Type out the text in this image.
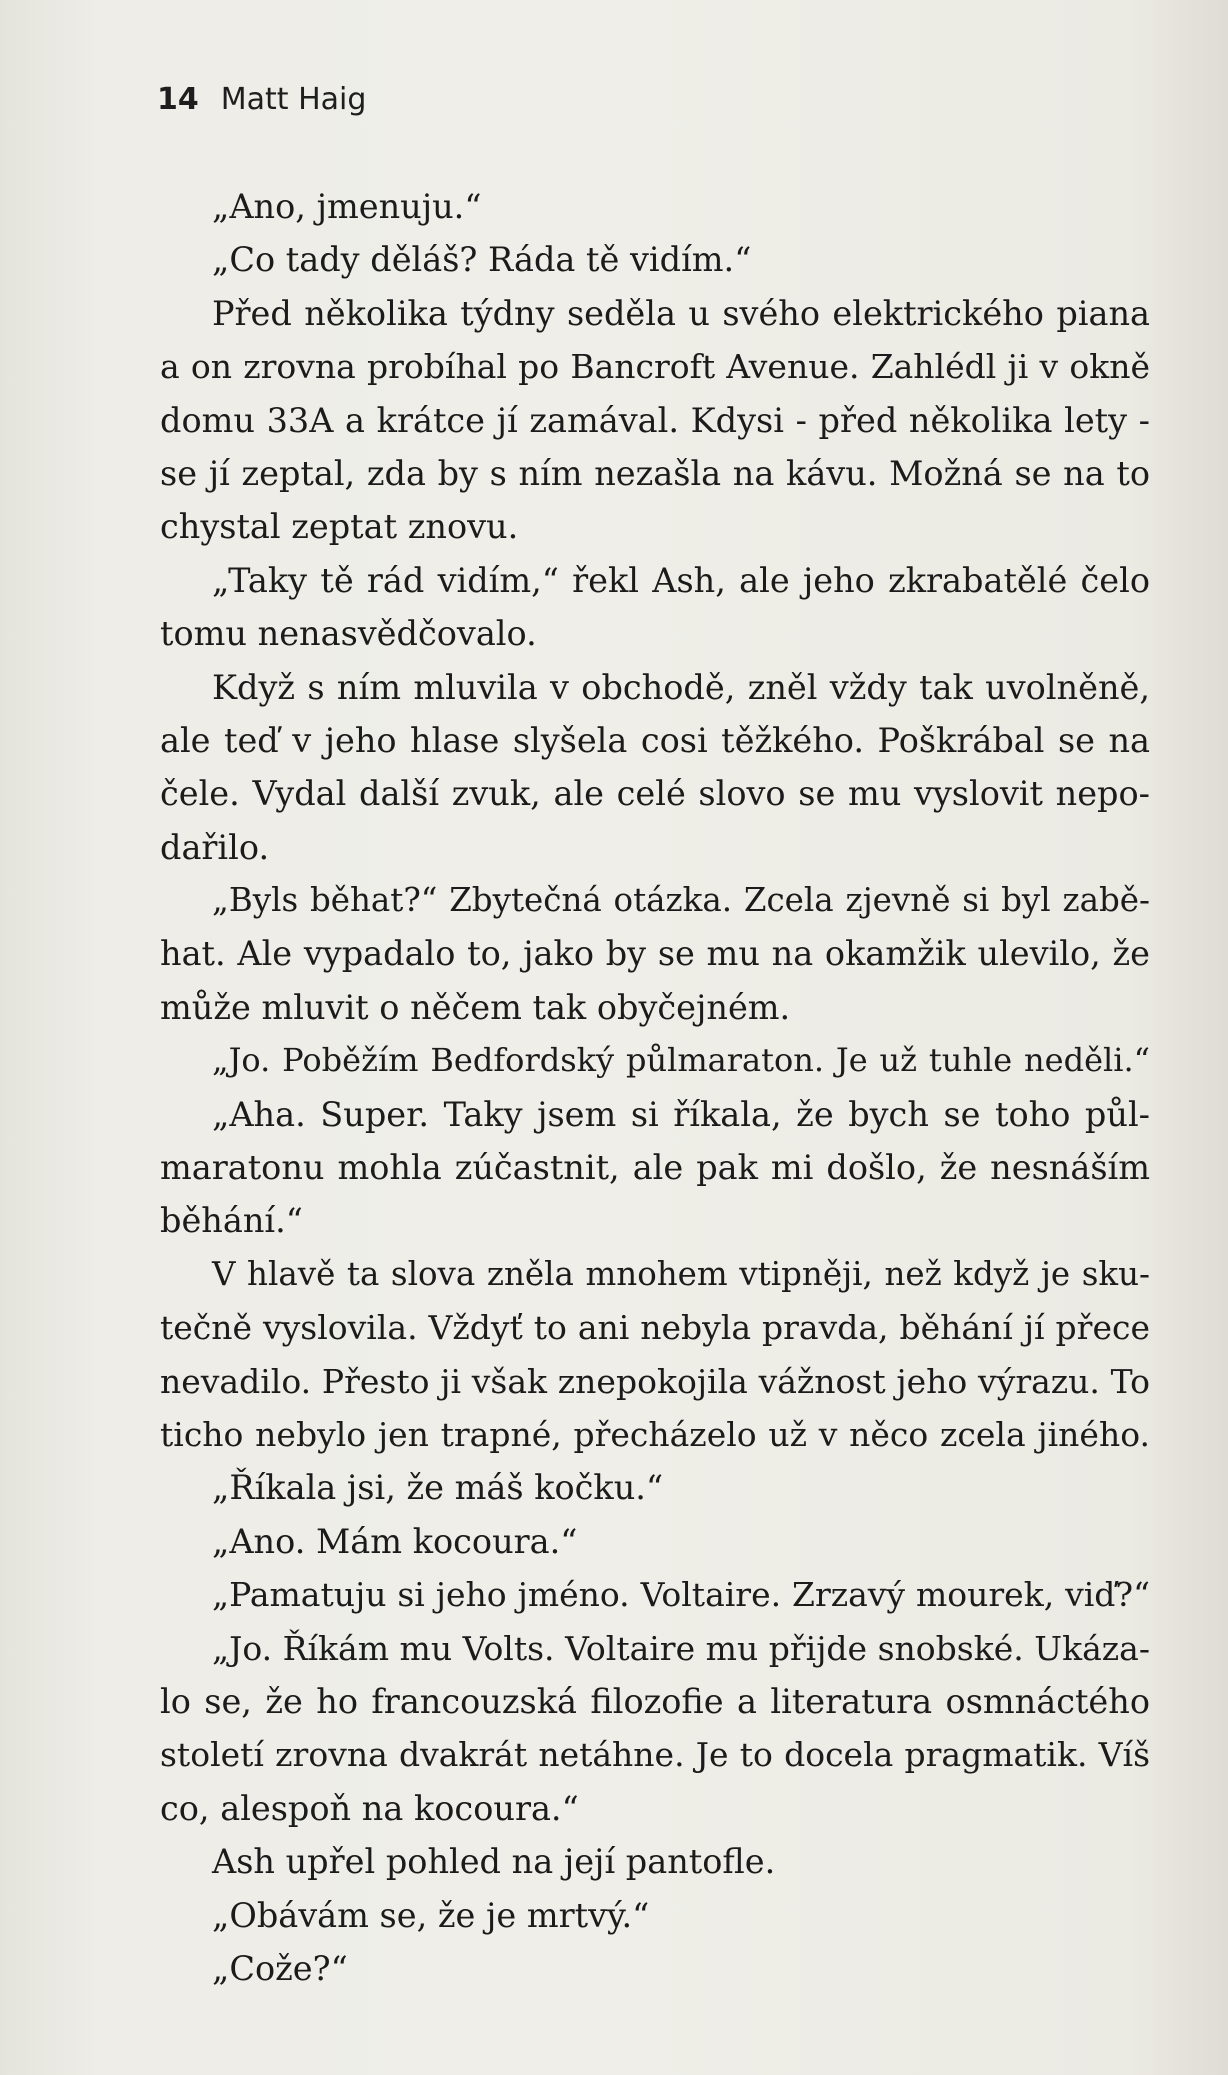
14 Matt Haig
„Ano, jmenuju.“
„Co tady děláš? Ráda tě vidím.“
Před několika týdny seděla u svého elektrického piana
a on zrovna probíhal po Bancroft Avenue. Zahlédl ji v okně
domu 33A a krátce jí zamával. Kdysi - před několika lety -
se jí zeptal, zda by s ním nezašla na kávu. Možná se na to
chystal zeptat znovu.
„Taky tě rád vidím,“ řekl Ash, ale jeho zkrabatělé čelo
tomu nenasvědčovalo.
Když s ním mluvila v obchodě, zněl vždy tak uvolněně,
ale teď v jeho hlase slyšela cosi těžkého. Poškrábal se na
čele. Vydal další zvuk, ale celé slovo se mu vyslovit nepo-
dařilo.
„Byls běhat?“ Zbytečná otázka. Zcela zjevně si byl zabě-
hat. Ale vypadalo to, jako by se mu na okamžik ulevilo, že
může mluvit o něčem tak obyčejném.
„Jo. Poběžím Bedfordský půlmaraton. Je už tuhle neděli.“
„Aha. Super. Taky jsem si říkala, že bych se toho půl-
maratonu mohla zúčastnit, ale pak mi došlo, že nesnáším
běhání.“
V hlavě ta slova zněla mnohem vtipněji, než když je sku-
tečně vyslovila. Vždyť to ani nebyla pravda, běhání jí přece
nevadilo. Přesto ji však znepokojila vážnost jeho výrazu. To
ticho nebylo jen trapné, přecházelo už v něco zcela jiného.
„Říkala jsi, že máš kočku.“
„Ano. Mám kocoura.“
„Pamatuju si jeho jméno. Voltaire. Zrzavý mourek, viď?“
„Jo. Říkám mu Volts. Voltaire mu přijde snobské. Ukáza-
lo se, že ho francouzská filozofie a literatura osmnáctého
století zrovna dvakrát netáhne. Je to docela pragmatik. Víš
co, alespoň na kocoura.“
Ash upřel pohled na její pantofle.
„Obávám se, že je mrtvý.“
„Cože?“
